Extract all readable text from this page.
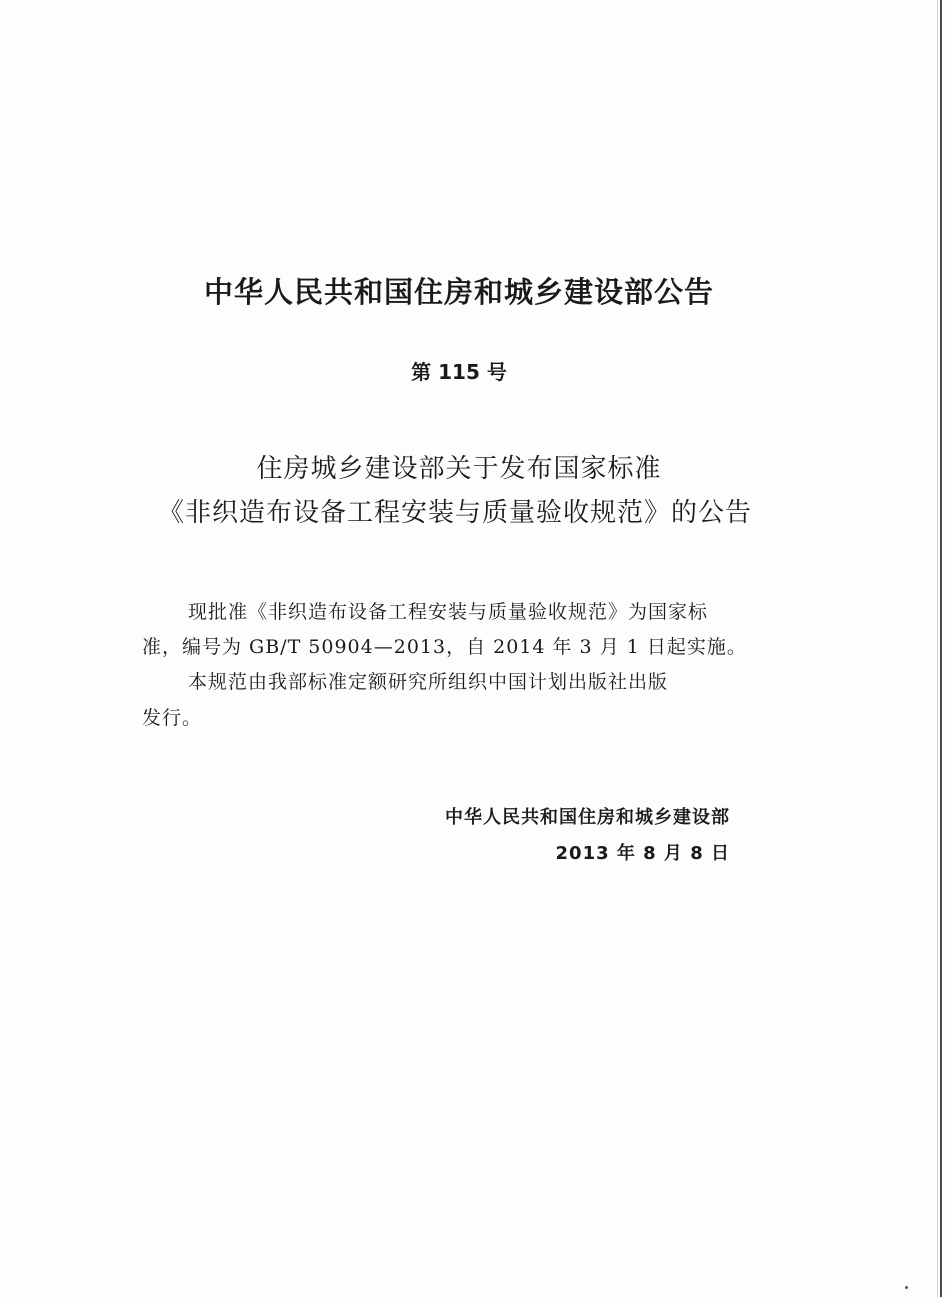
中华人民共和国住房和城乡建设部公告
第 115 号
住房城乡建设部关于发布国家标准
《非织造布设备工程安装与质量验收规范》的公告
现批准《非织造布设备工程安装与质量验收规范》为国家标
准，编号为 GB/T 50904—2013，自 2014 年 3 月 1 日起实施。
本规范由我部标准定额研究所组织中国计划出版社出版
发行。
中华人民共和国住房和城乡建设部
2013 年 8 月 8 日
